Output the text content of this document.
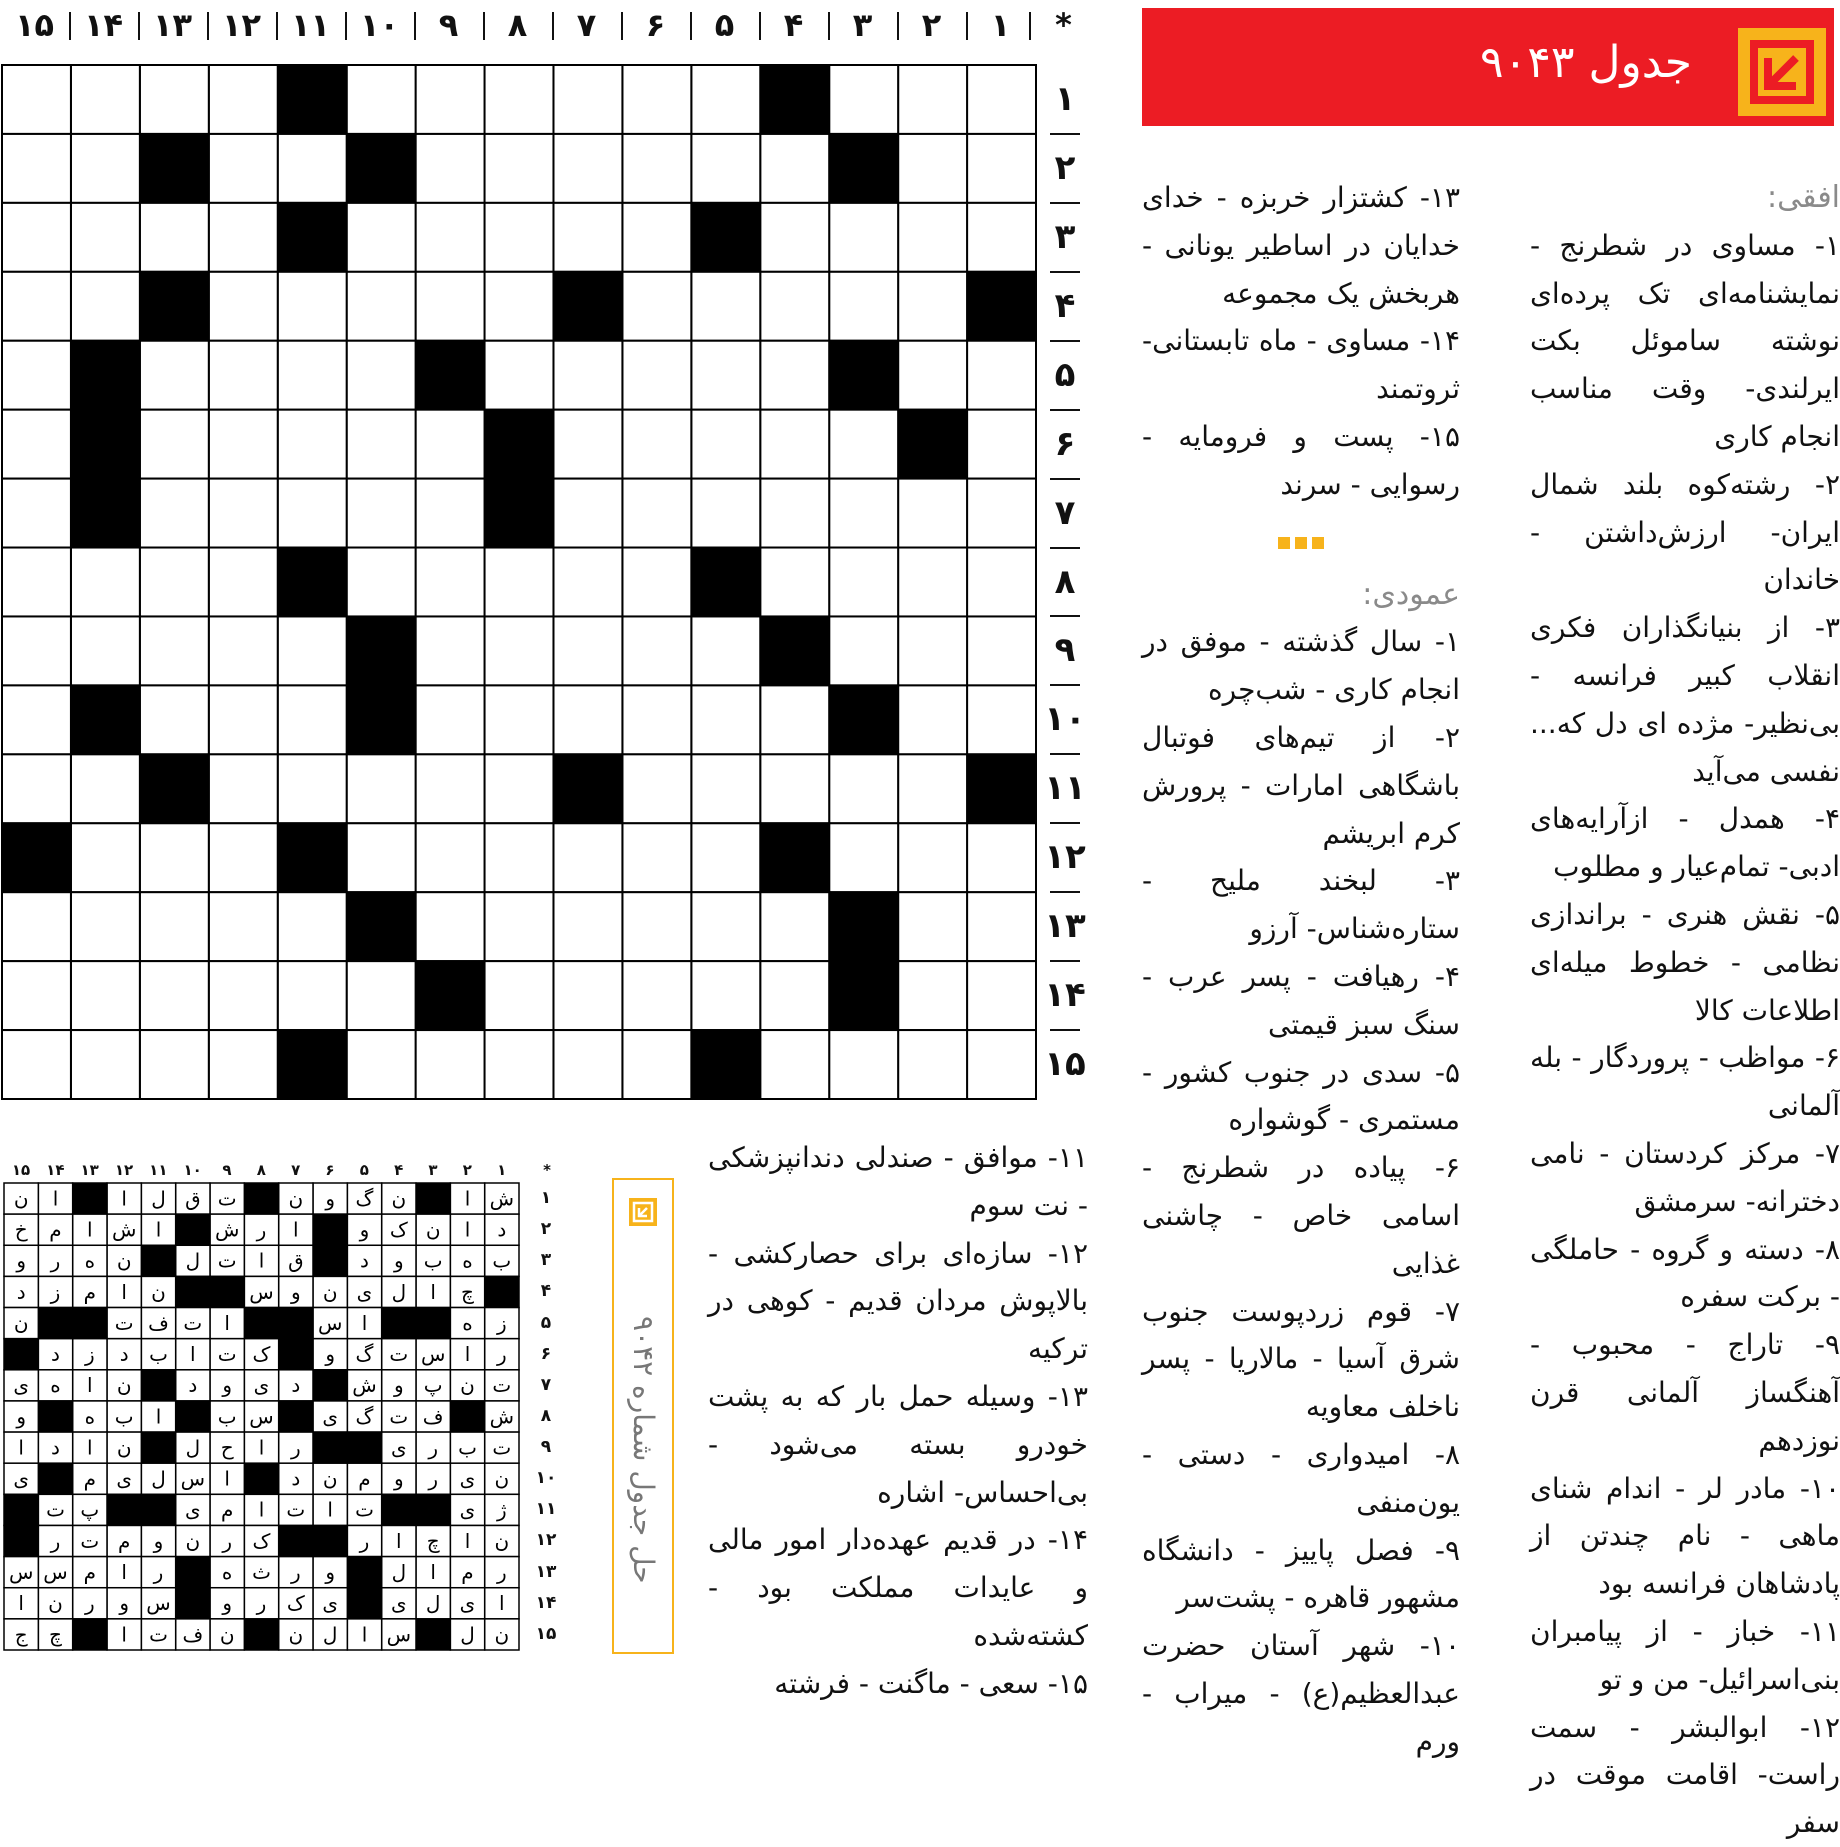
*
۱
۲
۳
۴
۵
۶
۷
۸
۹
۱۰
۱۱
۱۲
۱۳
۱۴
۱۵
۱
۲
۳
۴
۵
۶
۷
۸
۹
۱۰
۱۱
۱۲
۱۳
۱۴
۱۵
جدول ۹۰۴۳
افقی:

۱- مساوی در شطرنج - نمایشنامه‌ای تک پرده‌ای نوشته ساموئل بکت ایرلندی- وقت مناسب انجام کاری

۲- رشته‌کوه بلند شمال ایران- ارزش‌داشتن - خاندان

۳- از بنیانگذاران فکری انقلاب کبیر فرانسه - بی‌نظیر- مژده ای دل که... نفسی می‌آید

۴- همدل - ازآرایه‌های ادبی- تمام‌عیار و مطلوب

۵- نقش هنری - براندازی نظامی - خطوط میله‌ای اطلاعات کالا

۶- مواظب - پروردگار - بله آلمانی

۷- مرکز کردستان - نامی دخترانه- سرمشق

۸- دسته و گروه - حاملگی - برکت سفره

۹- تاراج - محبوب - آهنگساز آلمانی قرن نوزدهم

۱۰- مادر لر - اندام شنای ماهی - نام چندتن از پادشاهان فرانسه بود

۱۱- خباز - از پیامبران بنی‌اسرائیل- من و تو

۱۲- ابوالبشر - سمت راست- اقامت موقت در سفر

۱۳- کشتزار خربزه - خدای خدایان در اساطیر یونانی - هربخش یک مجموعه

۱۴- مساوی - ماه تابستانی- ثروتمند

۱۵- پست و فرومایه - رسوایی - سرند

عمودی:

۱- سال گذشته - موفق در انجام کاری - شب‌چره

۲- از تیم‌های فوتبال باشگاهی امارات - پرورش کرم ابریشم

۳- لبخند ملیح - ستاره‌شناس- آرزو

۴- رهیافت - پسر عرب - سنگ سبز قیمتی

۵- سدی در جنوب کشور - مستمری - گوشواره

۶- پیاده در شطرنج - اسامی خاص - چاشنی غذایی

۷- قوم زردپوست جنوب شرق آسیا - مالاریا - پسر ناخلف معاویه

۸- امیدواری - دستی - یون‌منفی

۹- فصل پاییز - دانشگاه مشهور قاهره - پشت‌سر

۱۰- شهر آستان حضرت عبدالعظیم(ع) - میراب - ورم

۱۱- موافق - صندلی دندانپزشکی - نت سوم

۱۲- سازه‌ای برای حصارکشی - بالاپوش مردان قدیم - کوهی در ترکیه

۱۳- وسیله حمل بار که به پشت خودرو بسته می‌شود - بی‌احساس- اشاره

۱۴- در قدیم عهده‌دار امور مالی و عایدات مملکت بود - کشته‌شده

۱۵- سعی - ماگنت - فرشته

حل جدول شماره ۹۰۴۲
*
۱
۲
۳
۴
۵
۶
۷
۸
۹
۱۰
۱۱
۱۲
۱۳
۱۴
۱۵
ش
ا
ن
گ
و
ن
ت
ق
ل
ا
ا
ن
د
ا
ن
ک
و
ا
ر
ش
ا
ش
ا
م
خ
ب
ه
ب
و
د
ق
ا
ت
ل
ن
ه
ر
و
چ
ا
ل
ی
ن
و
س
ن
ا
م
ز
د
ز
ه
ا
س
ا
ت
ف
ت
ن
ر
ا
س
ت
گ
و
ک
ت
ا
ب
د
ز
د
ت
ن
پ
و
ش
د
ی
و
د
ن
ا
ه
ی
ش
ف
ت
گ
ی
س
ب
ا
ب
ه
و
ت
ب
ر
ی
ر
ا
ح
ل
ن
ا
د
ا
ن
ی
ر
و
م
ن
د
ا
س
ل
ی
م
ی
ژ
ی
ت
ا
ت
ا
م
ی
پ
ت
ن
ا
چ
ا
ر
ک
ر
ن
و
م
ت
ر
ر
م
ا
ل
و
ر
ث
ه
ر
ا
م
س
س
ا
ی
ل
ی
ی
ک
ر
و
س
و
ر
ن
ا
ن
ل
س
ا
ل
ن
ن
ف
ت
ا
چ
ج
۱
۲
۳
۴
۵
۶
۷
۸
۹
۱۰
۱۱
۱۲
۱۳
۱۴
۱۵
